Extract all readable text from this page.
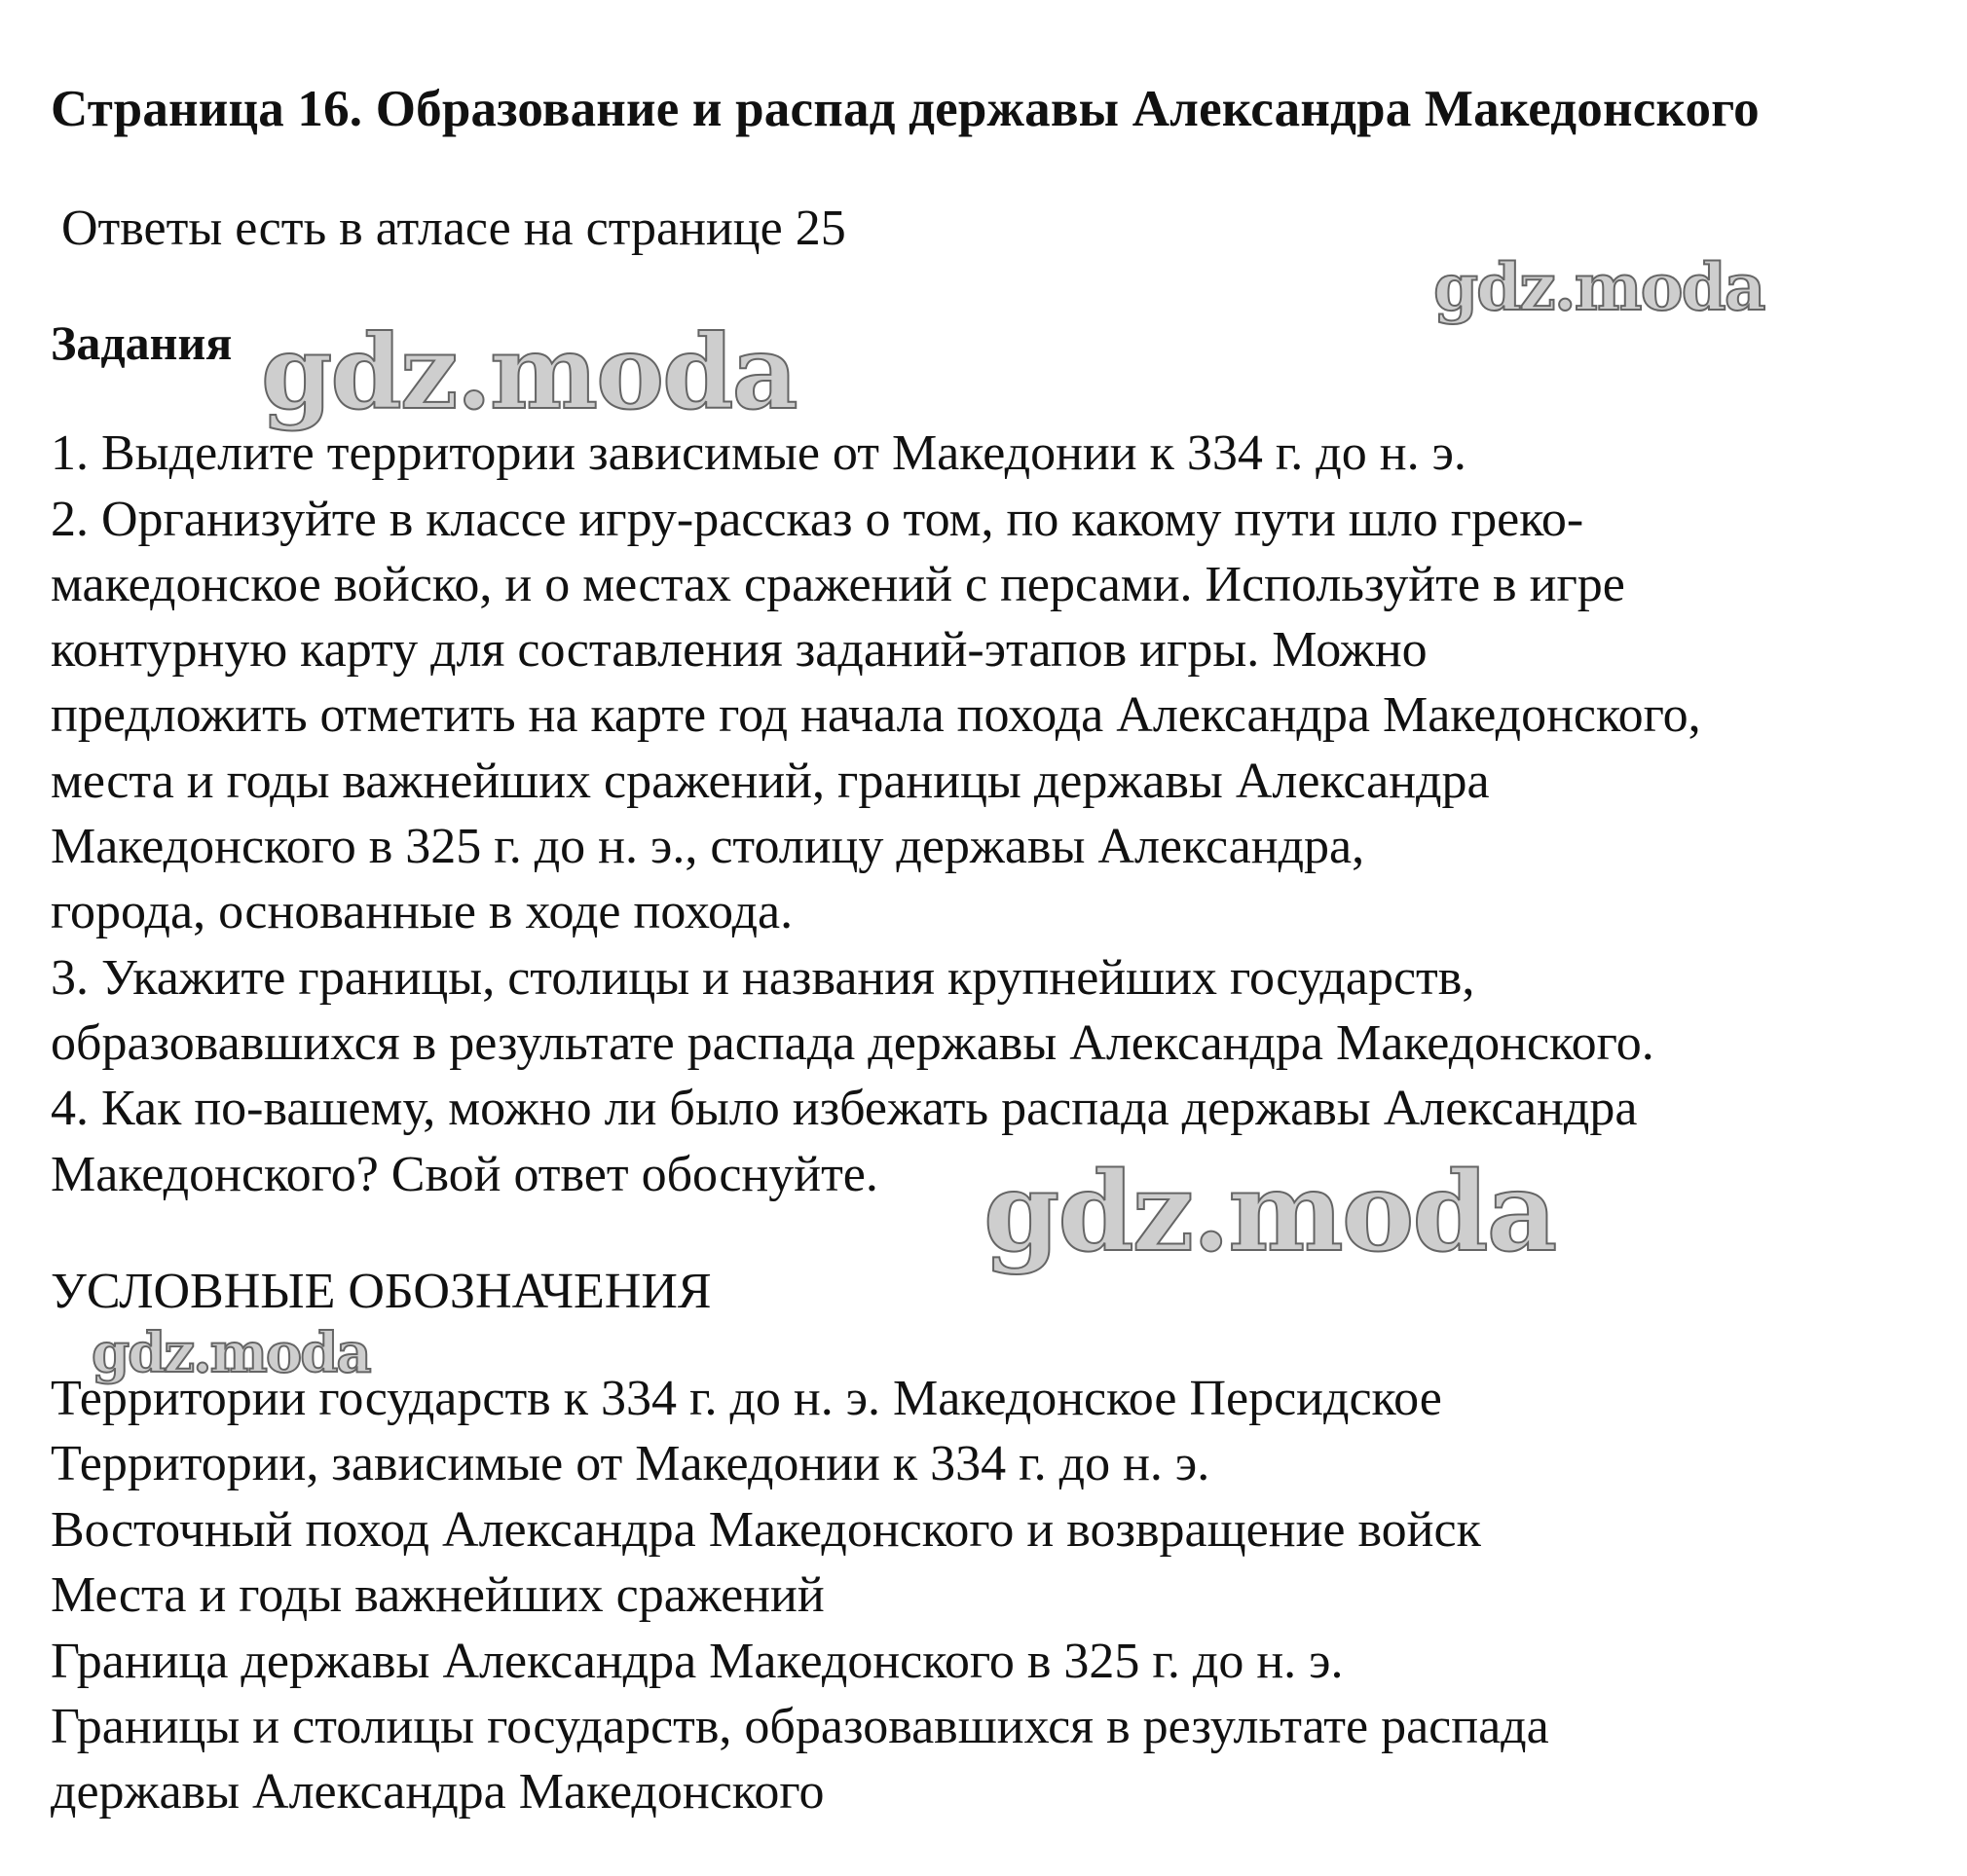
Страница 16. Образование и распад державы Александра Македонского
Ответы есть в атласе на странице 25
Задания
1. Выделите территории зависимые от Македонии к 334 г. до н. э.
2. Организуйте в классе игру-рассказ о том, по какому пути шло греко-
македонское войско, и о местах сражений с персами. Используйте в игре
контурную карту для составления заданий-этапов игры. Можно
предложить отметить на карте год начала похода Александра Македонского,
места и годы важнейших сражений, границы державы Александра
Македонского в 325 г. до н. э., столицу державы Александра,
города, основанные в ходе похода.
3. Укажите границы, столицы и названия крупнейших государств,
образовавшихся в результате распада державы Александра Македонского.
4. Как по-вашему, можно ли было избежать распада державы Александра
Македонского? Свой ответ обоснуйте.
УСЛОВНЫЕ ОБОЗНАЧЕНИЯ
Территории государств к 334 г. до н. э. Македонское Персидское
Территории, зависимые от Македонии к 334 г. до н. э.
Восточный поход Александра Македонского и возвращение войск
Места и годы важнейших сражений
Граница державы Александра Македонского в 325 г. до н. э.
Границы и столицы государств, образовавшихся в результате распада
державы Александра Македонского
gdz.moda
gdz.moda
gdz.moda
gdz.moda
